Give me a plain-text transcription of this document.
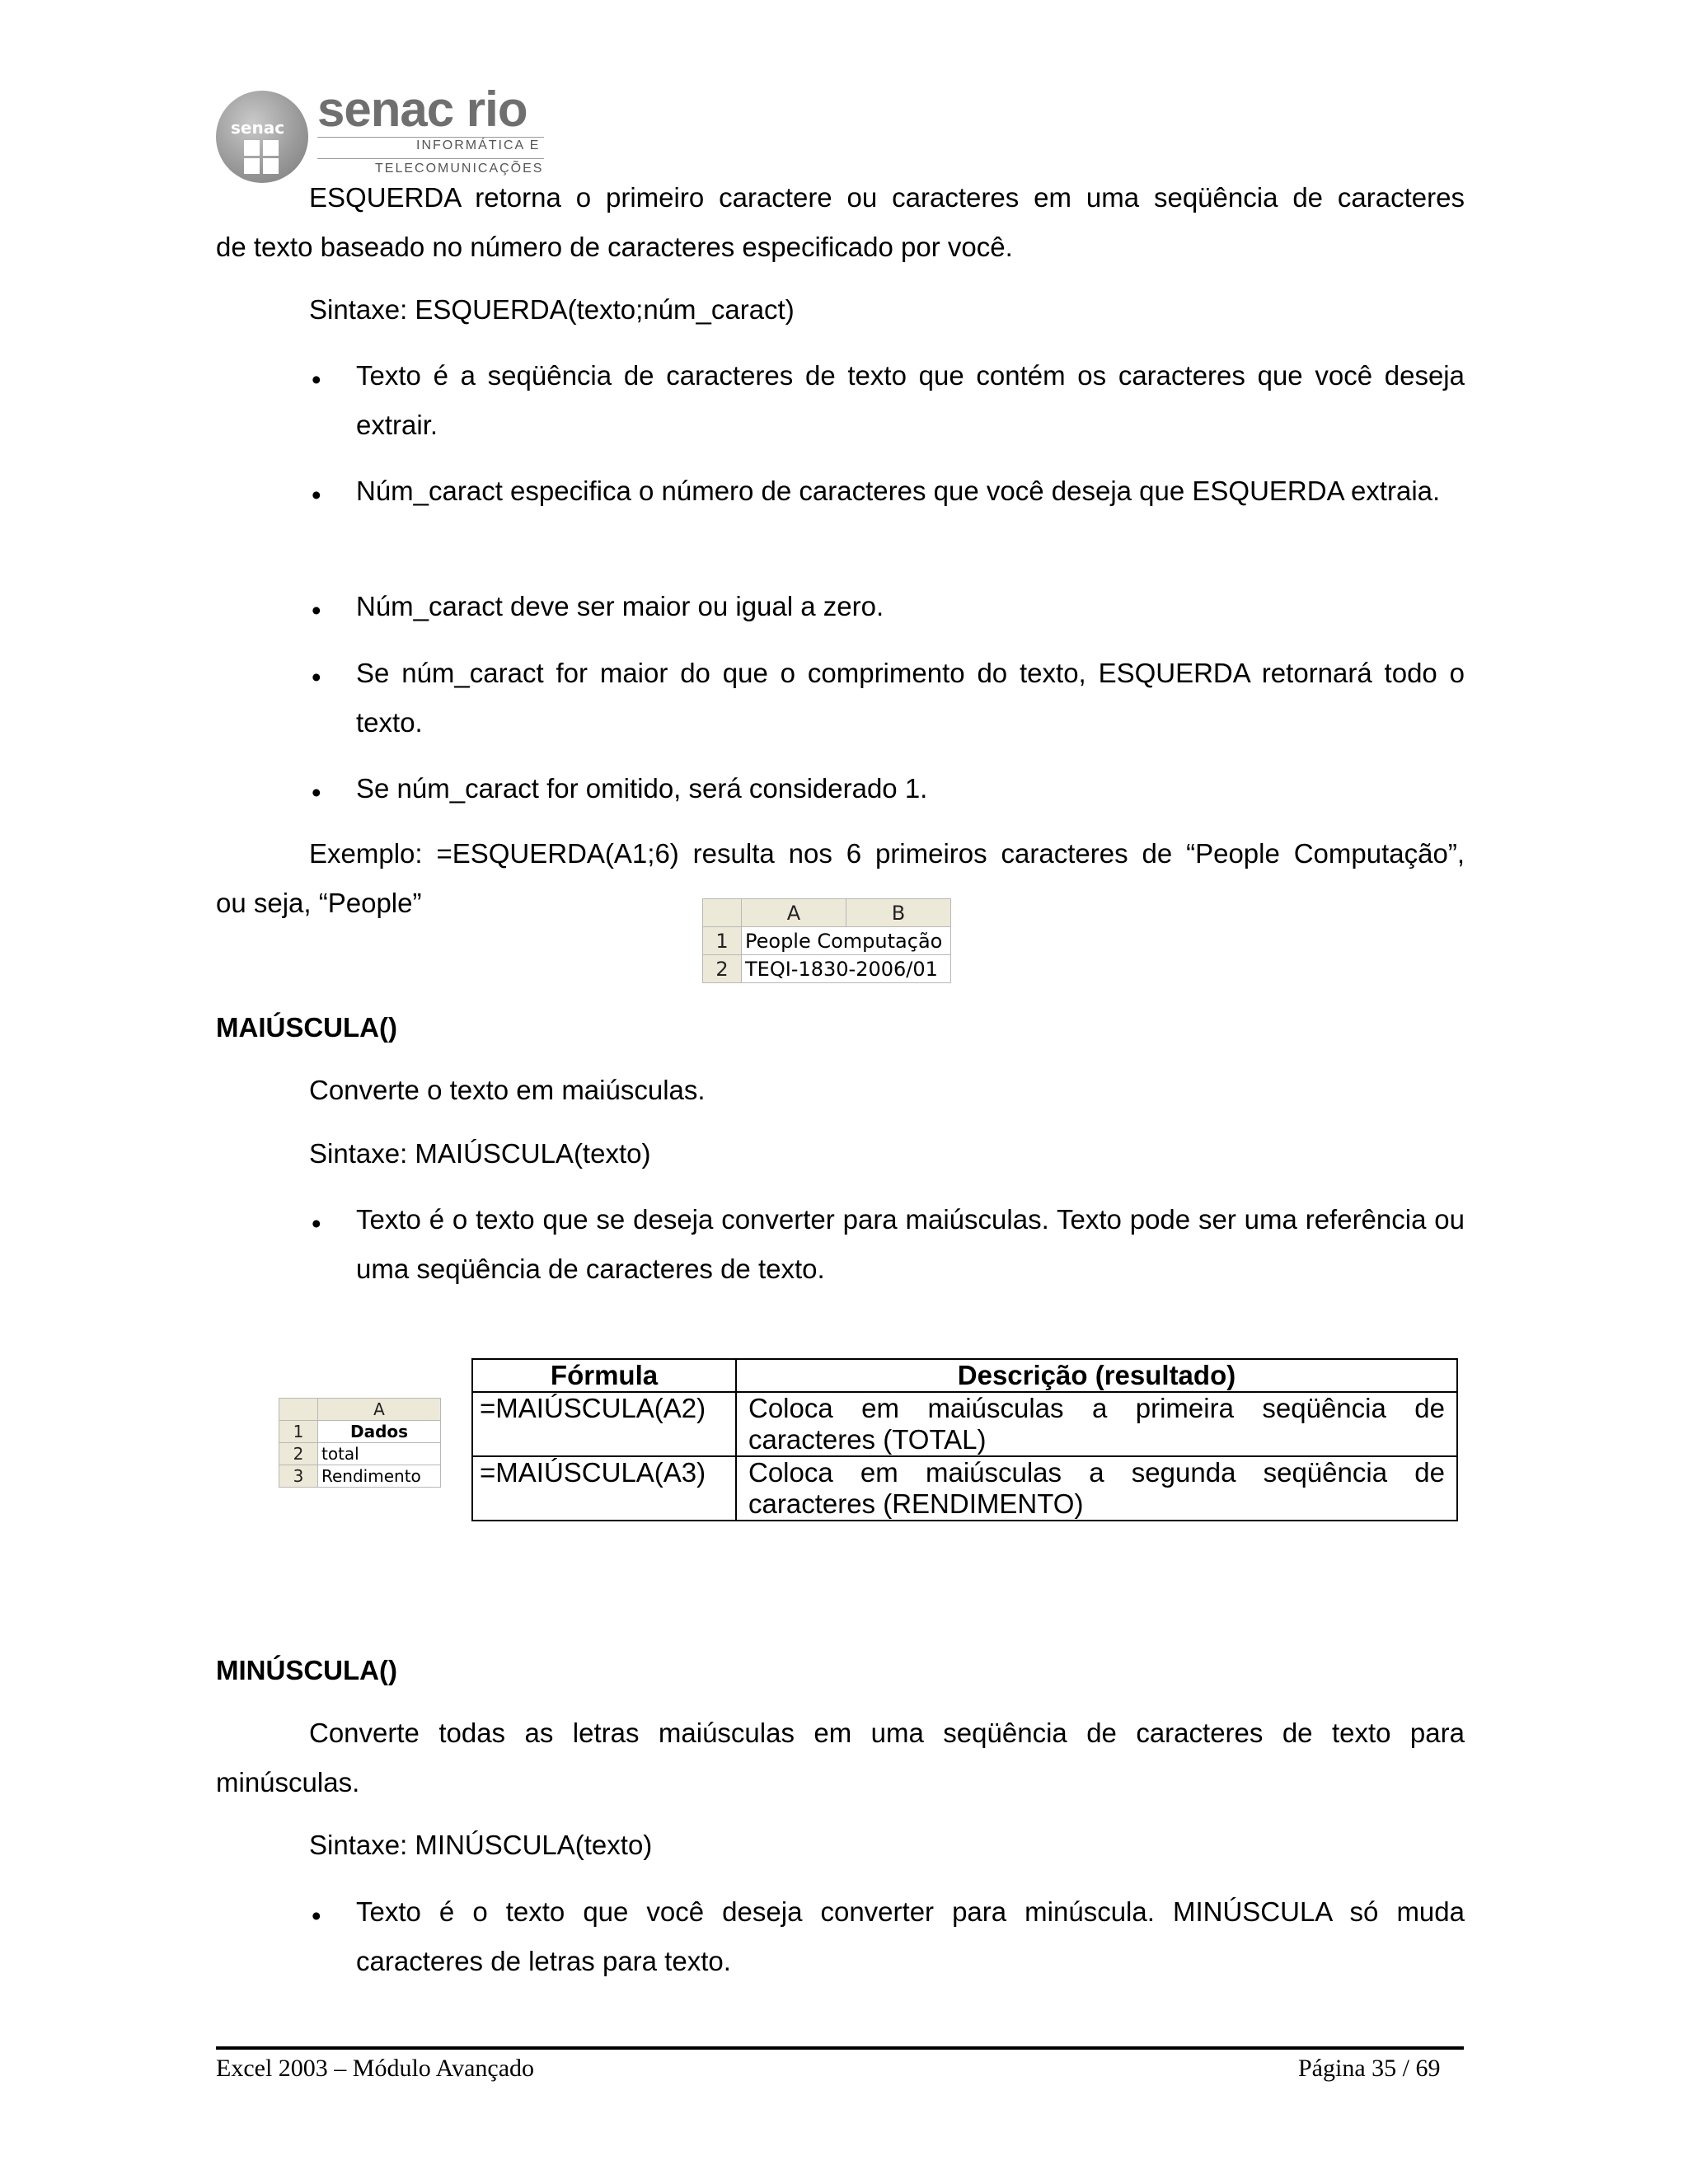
senac senac rio
INFORMÁTICA E
TELECOMUNICAÇÕES
ESQUERDA retorna o primeiro caractere ou caracteres em uma seqüência de caracteres
de texto baseado no número de caracteres especificado por você.
Sintaxe: ESQUERDA(texto;núm_caract)
• Texto é a seqüência de caracteres de texto que contém os caracteres que você deseja extrair.
• Núm_caract especifica o número de caracteres que você deseja que ESQUERDA extraia.
• Núm_caract deve ser maior ou igual a zero.
• Se núm_caract for maior do que o comprimento do texto, ESQUERDA retornará todo o texto.
• Se núm_caract for omitido, será considerado 1.
Exemplo: =ESQUERDA(A1;6) resulta nos 6 primeiros caracteres de “People Computação”,
ou seja, “People”
		A	B
1	People Computação	
2	TEQI-1830-2006/01	
MAIÚSCULA()
Converte o texto em maiúsculas.
Sintaxe: MAIÚSCULA(texto)
• Texto é o texto que se deseja converter para maiúsculas. Texto pode ser uma referência ou uma seqüência de caracteres de texto.
	A
1	Dados
2	total
3	Rendimento
Fórmula	Descrição (resultado)
=MAIÚSCULA(A2)	Coloca em maiúsculas a primeira seqüência de caracteres (TOTAL)
=MAIÚSCULA(A3)	Coloca em maiúsculas a segunda seqüência de caracteres (RENDIMENTO)
MINÚSCULA()
Converte todas as letras maiúsculas em uma seqüência de caracteres de texto para
minúsculas.
Sintaxe: MINÚSCULA(texto)
• Texto é o texto que você deseja converter para minúscula. MINÚSCULA só muda caracteres de letras para texto.
Excel 2003 – Módulo Avançado	Página 35 / 69
